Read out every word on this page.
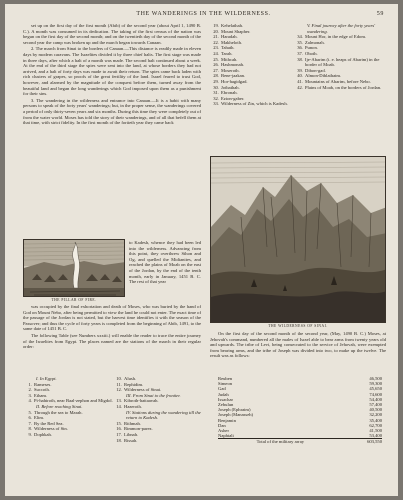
THE WANDERINGS IN THE WILDERNESS.	59

set up on the first day of the first month (Abib) of the second year (about April 1, 1490 B. C.). A month was consumed in its dedication. The taking of the first census of the nation was begun on the first day of the second month; and on the twentieth day of the second month of the second year the camp was broken up and the march began towards Canaan.

2. The march from Sinai to the borders of Canaan.—This distance is readily made in eleven days by modern caravans. The Israelites divided it by three chief halts. The first stage was made in three days, after which a halt of a month was made. The second halt continued about a week. At the end of the third stage the spies were sent into the land, at whose borders they had not arrived, and a halt of forty days was made to await their return. The spies came back laden with rich clusters of grapes, so proofs of the great fertility of the land. Israel feared to trust God, however, and alarmed by the magnitude of the conquest before them, turned away from the beautiful land and began the long wanderings which God imposed upon them as a punishment for their sins.

3. The wandering in the wilderness and entrance into Canaan.—It is a habit with many persons to speak of the forty years' wanderings; but, in the proper sense, the wanderings covered a period of only thirty-seven years and six months. During this time they were completely out of from the water world. Moses has told the story of their wanderings, and of all that befell them at that time, with strict fidelity. In the first month of the fortieth year they came back

THE PILLAR OF FIRE.

to Kadesh, whence they had been led into the wilderness. Advancing from this point, they overthrew Sihon and Og, and quelled the Midianites, and reached the plains of Moab on the east of the Jordan, by the end of the tenth month, early in January, 1451 B. C. The rest of that year

was occupied by the final exhortation and death of Moses, who was buried by the hand of God on Mount Nebo, after being permitted to view the land he could not enter. The exact time of the passage of the Jordan is not stated, but the harvest time identifies it with the season of the Passover; and thus the cycle of forty years is completed from the beginning of Abib, 1491, to the same date of 1451 B. C.

The following Table (see Numbers xxxiii.) will enable the reader to trace the entire journey of the Israelites from Egypt. The places named are the stations of the march in their regular order:

I. In Egypt.
1. Rameses.
2. Succoth.
3. Etham.
4. Pi-hahiroth, near Baal-zephon and Migdol.
II. Before reaching Sinai.
5. Through the sea to Marah.
6. Elim.
7. By the Red Sea.
8. Wilderness of Sin.
9. Dophkah.
10. Alush.
11. Rephidim.
12. Wilderness of Sinai.
III. From Sinai to the frontier.
13. Kibroth-hattaavah.
14. Hazeroth.
IV. Stations during the wandering till the return to Kadesh.
15. Rithmah.
16. Rimmon-parez.
17. Libnah.
18. Rissah.
19. Kehelathah.
20. Mount Shapher.
21. Haradah.
22. Makheloth.
23. Tahath.
24. Tarah.
25. Mithcah.
26. Hashmonah.
27. Moseroth.
28. Bene-jaakan.
29. Hor-hagidgad.
30. Jotbathah.
31. Ebronah.
32. Ezion-gaber.
33. Wilderness of Zin, which is Kadesh.
V. Final journey after the forty years' wandering.
34. Mount Hor, in the edge of Edom.
35. Zalmonah.
36. Punon.
37. Oboth.
38. Ije-Abarim (i. e. heaps of Abarim) in the border of Moab.
39. Dibon-gad.
40. Almon-Diblathaim.
41. Mountains of Abarim, before Nebo.
42. Plains of Moab, on the borders of Jordan.
THE WILDERNESS OF SINAI.

On the first day of the second month of the second year, (May, 1490 B. C.) Moses, at Jehovah's command, numbered all the males of Israel able to bear arms from twenty years old and upwards. The tribe of Levi, being consecrated to the service of Jehovah, were exempted from bearing arms, and the tribe of Joseph was divided into two, to make up the twelve. The result was as follows:

Reuben	46,500
Simeon	59,300
Gad	45,650
Judah	74,600
Issachar	54,400
Zebulun	57,400
Joseph (Ephraim)	40,500
Joseph (Manasseh)	32,200
Benjamin	35,400
Dan	62,700
Asher	41,500
Naphtali	53,400
Total of the military array	603,550
